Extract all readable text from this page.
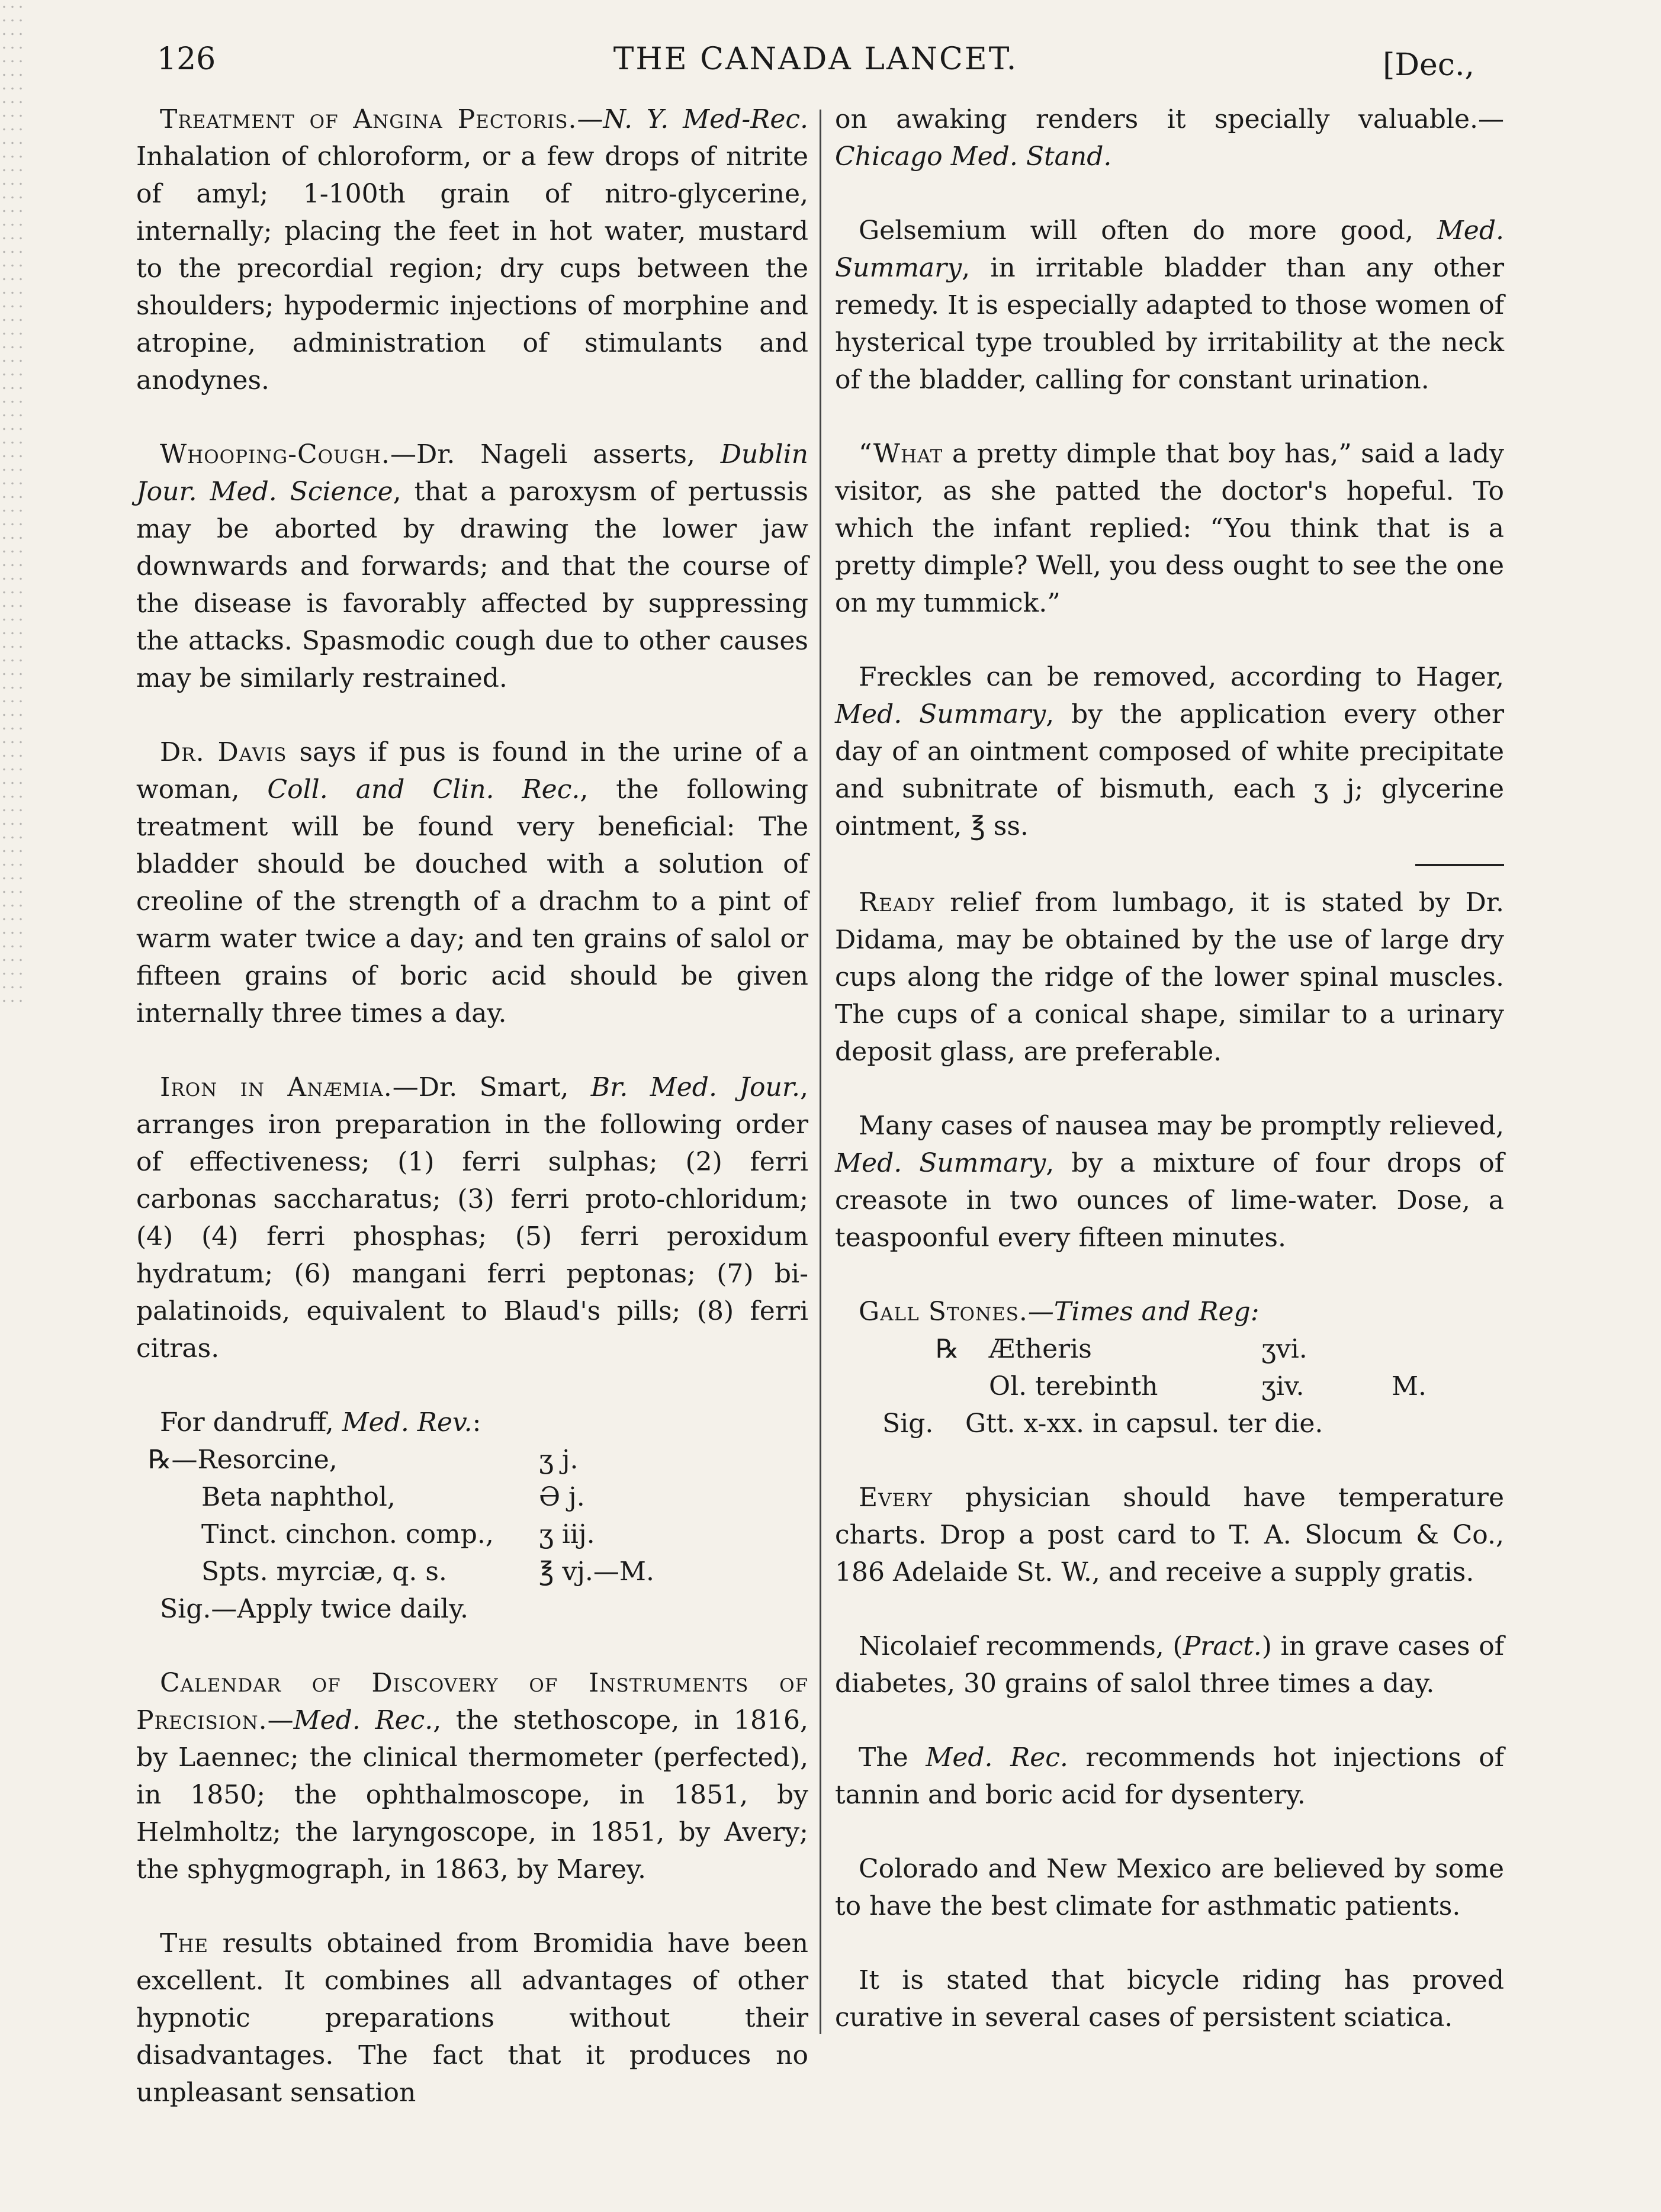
126	THE CANADA LANCET.	[Dec.,

Treatment of Angina Pectoris.—N. Y. Med-Rec. Inhalation of chloroform, or a few drops of nitrite of amyl; 1-100th grain of nitro-glycerine, internally; placing the feet in hot water, mustard to the precordial region; dry cups between the shoulders; hypodermic injections of morphine and atropine, administration of stimulants and anodynes.

Whooping-Cough.—Dr. Nageli asserts, Dublin Jour. Med. Science, that a paroxysm of pertussis may be aborted by drawing the lower jaw downwards and forwards; and that the course of the disease is favorably affected by suppressing the attacks. Spasmodic cough due to other causes may be similarly restrained.

Dr. Davis says if pus is found in the urine of a woman, Coll. and Clin. Rec., the following treatment will be found very beneficial: The bladder should be douched with a solution of creoline of the strength of a drachm to a pint of warm water twice a day; and ten grains of salol or fifteen grains of boric acid should be given internally three times a day.

Iron in Anæmia.—Dr. Smart, Br. Med. Jour., arranges iron preparation in the following order of effectiveness; (1) ferri sulphas; (2) ferri carbonas saccharatus; (3) ferri proto-chloridum; (4) (4) ferri phosphas; (5) ferri peroxidum hydratum; (6) mangani ferri peptonas; (7) bi-palatinoids, equivalent to Blaud's pills; (8) ferri citras.

For dandruff, Med. Rev.:
℞—Resorcine,	ʒ j.
Beta naphthol,	Ə j.
Tinct. cinchon. comp.,	ʒ iij.
Spts. myrciæ, q. s.	℥ vj.—M.
Sig.—Apply twice daily.

Calendar of Discovery of Instruments of Precision.—Med. Rec., the stethoscope, in 1816, by Laennec; the clinical thermometer (perfected), in 1850; the ophthalmoscope, in 1851, by Helmholtz; the laryngoscope, in 1851, by Avery; the sphygmograph, in 1863, by Marey.

The results obtained from Bromidia have been excellent. It combines all advantages of other hypnotic preparations without their disadvantages. The fact that it produces no unpleasant sensation

on awaking renders it specially valuable.—Chicago Med. Stand.

Gelsemium will often do more good, Med. Summary, in irritable bladder than any other remedy. It is especially adapted to those women of hysterical type troubled by irritability at the neck of the bladder, calling for constant urination.

“What a pretty dimple that boy has,” said a lady visitor, as she patted the doctor's hopeful. To which the infant replied: “You think that is a pretty dimple? Well, you dess ought to see the one on my tummick.”

Freckles can be removed, according to Hager, Med. Summary, by the application every other day of an ointment composed of white precipitate and subnitrate of bismuth, each ʒ j; glycerine ointment, ℥ ss.

Ready relief from lumbago, it is stated by Dr. Didama, may be obtained by the use of large dry cups along the ridge of the lower spinal muscles. The cups of a conical shape, similar to a urinary deposit glass, are preferable.

Many cases of nausea may be promptly relieved, Med. Summary, by a mixture of four drops of creasote in two ounces of lime-water. Dose, a teaspoonful every fifteen minutes.

Gall Stones.—Times and Reg:
℞	Ætheris	ʒvi.
Ol. terebinth	ʒiv.	M.
Sig.	Gtt. x-xx. in capsul. ter die.

Every physician should have temperature charts. Drop a post card to T. A. Slocum & Co., 186 Adelaide St. W., and receive a supply gratis.

Nicolaief recommends, (Pract.) in grave cases of diabetes, 30 grains of salol three times a day.

The Med. Rec. recommends hot injections of tannin and boric acid for dysentery.

Colorado and New Mexico are believed by some to have the best climate for asthmatic patients.

It is stated that bicycle riding has proved curative in several cases of persistent sciatica.
